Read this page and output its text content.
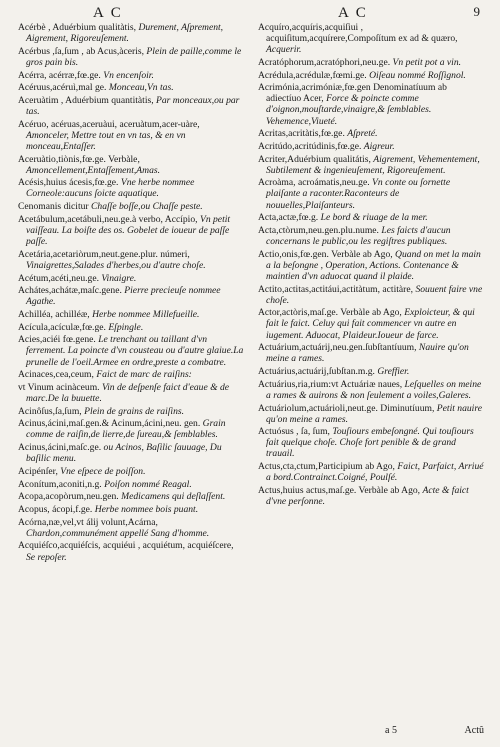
A C	A C	9
Acérbè , Aduérbium qualitàtis, Durement, Aſprement, Aigrement, Rigoreuſement.
Acérbus ,ſa,ſum , ab Acus,àceris, Plein de paille,comme le gros pain bis.
Acérra, acérræ,fœ.ge. Vn encenſoir.
Acéruus,acéruì,mal ge. Monceau,Vn tas.
Aceruàtim , Aduérbium quantitàtis, Par monceaux,ou par tas.
Acéruo, acéruas,aceruàui, aceruàtum,acer-uàre, Amonceler, Mettre tout en vn tas, & en vn monceau,Entaſſer.
Aceruàtio,tiònis,fœ.ge. Verbàle, Amoncellement,Entaſſement,Amas.
Acésis,huius ácesis,fœ.ge. Vne herbe nommee Corneole:aucuns ſoicte aquatique.
Cenomanis dicitur Chaſſe boſſe,ou Chaſſe peste.
Acetábulum,acetábuli,neu.ge.à verbo, Accípio, Vn petit vaiſſeau. La boiſte des os. Gobelet de ioueur de paſſe paſſe.
Acetária,acetariòrum,neut.gene.plur. númeri, Vinaigrettes,Salades d'herbes,ou d'autre choſe.
Acétum,acéti,neu.ge. Vinaigre.
Achátes,achátæ,maſc.gene. Pierre precieuſe nommee Agathe.
Achilléa, achilléæ, Herbe nommee Millefueille.
Acícula,acículæ,fœ.ge. Eſpingle.
Acies,aciéi fœ.gene. Le trenchant ou taillant d'vn ferrement. La poincte d'vn cousteau ou d'autre glaiue.La prunelle de l'oeil.Armee en ordre,preste a combatre.
Acinaces,cea,ceum, Faict de marc de raiſins:
vt Vinum acinàceum. Vin de deſpenſe faict d'eaue & de marc.De la buuette.
Acinôſus,ſa,ſum, Plein de grains de raiſins.
Acinus,ácini,maſ.gen.& Acinum,ácini,neu. gen. Grain comme de raiſin,de lierre,de ſureau,& ſemblables.
Acinus,ácini,maſc.ge. ou Acinos, Baſilic ſauuage, Du baſilic menu.
Acipénſer, Vne eſpece de poiſſon.
Aconítum,aconiti,n.g. Poiſon nommé Reagal.
Acopa,acopòrum,neu.gen. Medicamens qui deſlaſſent.
Acopus, ácopi,f.ge. Herbe nommee bois puant.
Acórna,næ,vel,vt álij volunt,Acárna, Chardon,communément appellé Sang d'homme.
Acquiéſco,acquiéſcis, acquiéui , acquiétum, acquiéſcere, Se repoſer.
Acquíro,acquíris,acquiſiui , acquiſitum,acquírere,Compoſítum ex ad & quæro, Acquerir.
Acratóphorum,acratóphori,neu.ge. Vn petit pot a vin.
Acrédula,acrédulæ,fœmi.ge. Oiſeau nommé Roſſignol.
Acrimónia,acrimóniæ,fœ.gen Denominatíuum ab adiectíuo Acer, Force & poincte comme d'oignon,mouſtarde,vinaigre,& ſemblables. Vehemence,Viueté.
Acritas,acritàtis,fœ.ge. Aſpreté.
Acritúdo,acritúdinis,fœ.ge. Aigreur.
Acriter,Aduérbium qualitátis, Aigrement, Vehementement, Subtilement & ingenieuſement, Rigoreuſement.
Acroàma, acroámatis,neu.ge. Vn conte ou ſornette plaiſante a raconter.Raconteurs de nouuelles,Plaiſanteurs.
Acta,actæ,fœ.g. Le bord & riuage de la mer.
Acta,ctòrum,neu.gen.plu.nume. Les faicts d'aucun concernans le public,ou les regiſtres publiques.
Actio,onis,fœ.gen. Verbàle ab Ago, Quand on met la main a la beſongne , Operation, Actions. Contenance & maintien d'vn aduocat quand il plaide.
Actito,actitas,actitáui,actitàtum, actitàre, Souuent faire vne choſe.
Actor,actòris,maſ.ge. Verbàle ab Ago, Exploicteur, & qui fait le faict. Celuy qui fait commencer vn autre en iugement. Aduocat, Plaideur.Ioueur de farce.
Actuárium,actuárij,neu.gen.ſubſtantíuum, Nauire qu'on meine a rames.
Actuárius,actuárij,ſubſtan.m.g. Greffier.
Actuárius,ria,rium:vt Actuáriæ naues, Leſquelles on meine a rames & auirons & non ſeulement a voiles,Galeres.
Actuáriolum,actuárioli,neut.ge. Diminutíuum, Petit nauire qu'on meine a rames.
Actuósus , ſa, ſum, Touſiours embeſongné. Qui touſiours fait quelque choſe. Choſe fort penible & de grand trauail.
Actus,cta,ctum,Participium ab Ago, Faict, Parfaict, Arriué a bord.Contrainct.Coigné, Poulſé.
Actus,huius actus,maſ.ge. Verbàle ab Ago, Acte & faict d'vne perſonne.
a 5	Actû
